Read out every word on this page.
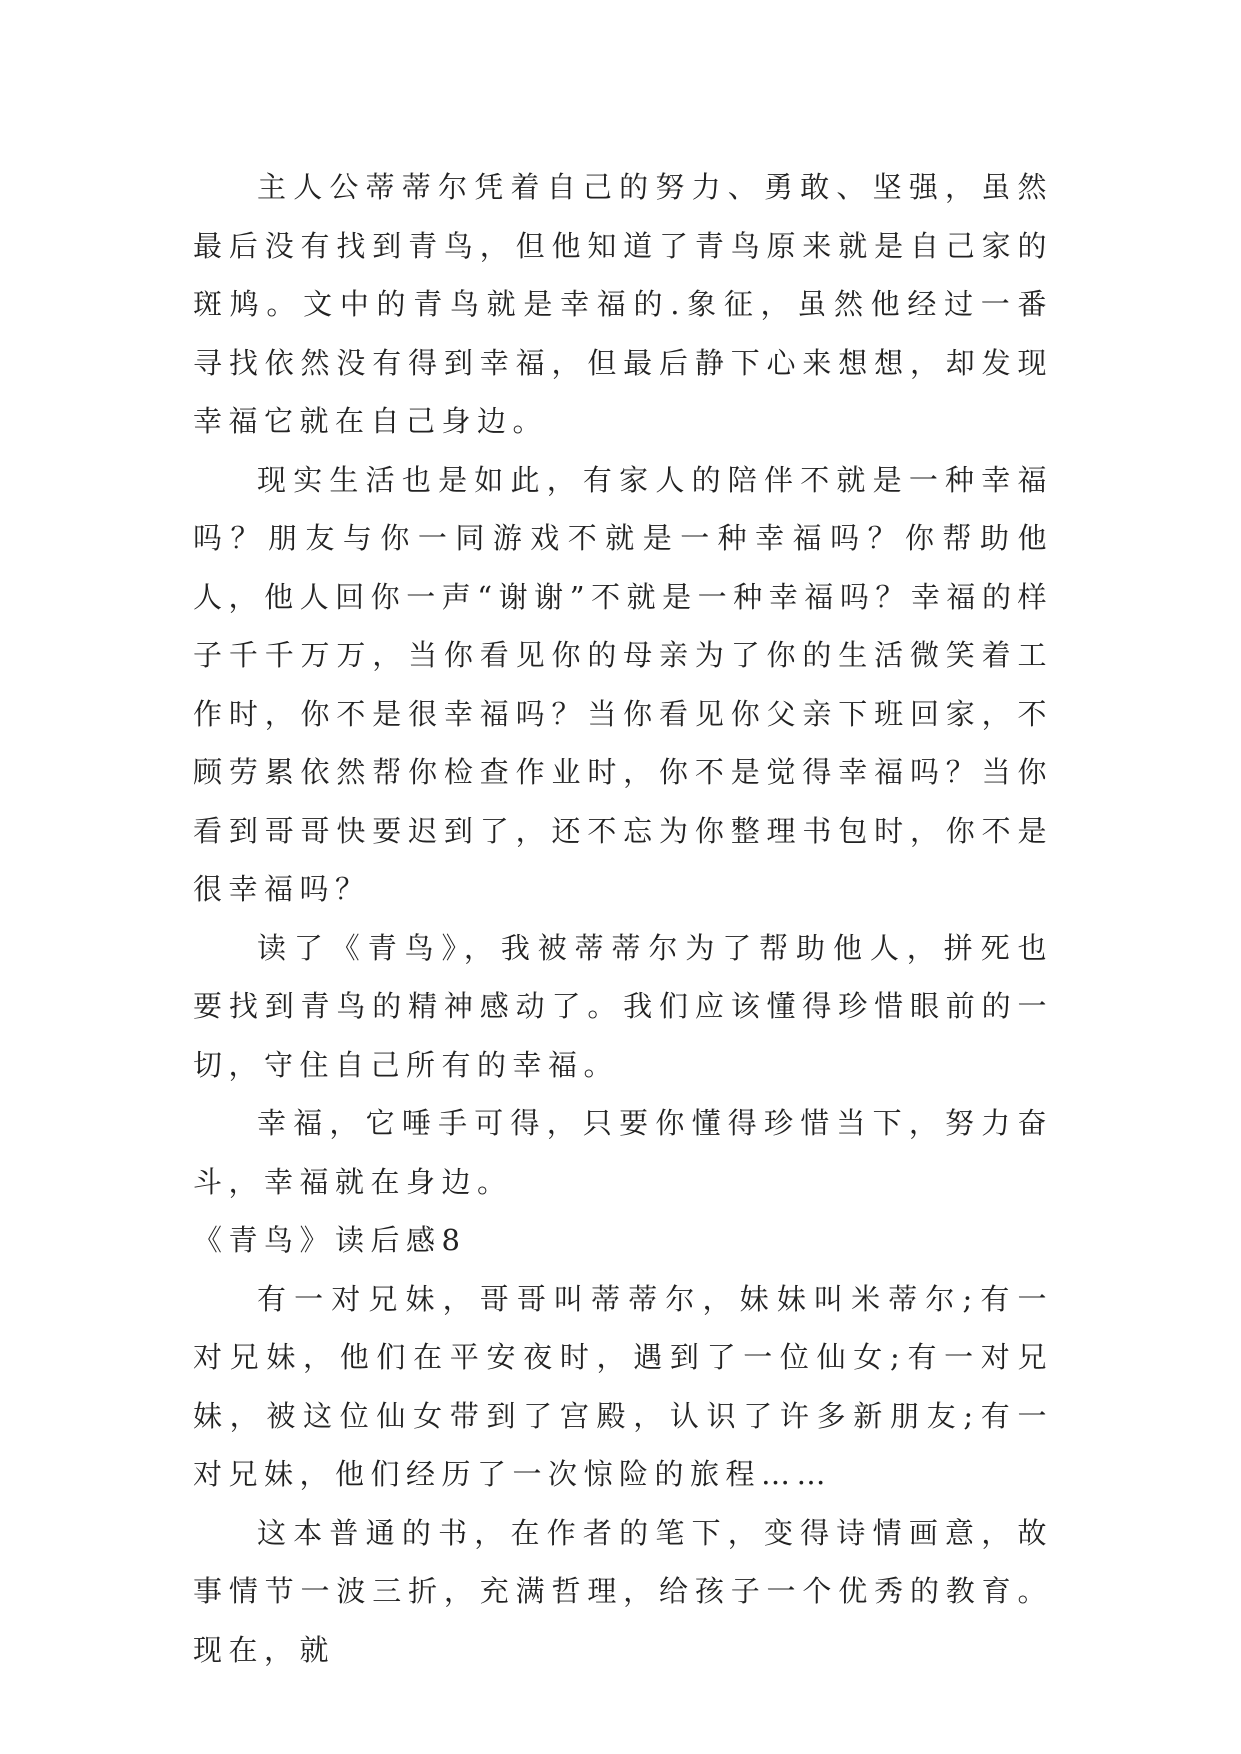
主人公蒂蒂尔凭着自己的努力、勇敢、坚强，虽然最后没有找到青鸟，但他知道了青鸟原来就是自己家的斑鸠。文中的青鸟就是幸福的.象征，虽然他经过一番寻找依然没有得到幸福，但最后静下心来想想，却发现幸福它就在自己身边。

现实生活也是如此，有家人的陪伴不就是一种幸福吗？朋友与你一同游戏不就是一种幸福吗？你帮助他人，他人回你一声“谢谢”不就是一种幸福吗？幸福的样子千千万万，当你看见你的母亲为了你的生活微笑着工作时，你不是很幸福吗？当你看见你父亲下班回家，不顾劳累依然帮你检查作业时，你不是觉得幸福吗？当你看到哥哥快要迟到了，还不忘为你整理书包时，你不是很幸福吗？

读了《青鸟》，我被蒂蒂尔为了帮助他人，拼死也要找到青鸟的精神感动了。我们应该懂得珍惜眼前的一切，守住自己所有的幸福。

幸福，它唾手可得，只要你懂得珍惜当下，努力奋斗，幸福就在身边。

《青鸟》读后感8

有一对兄妹，哥哥叫蒂蒂尔，妹妹叫米蒂尔;有一对兄妹，他们在平安夜时，遇到了一位仙女;有一对兄妹，被这位仙女带到了宫殿，认识了许多新朋友;有一对兄妹，他们经历了一次惊险的旅程……

这本普通的书，在作者的笔下，变得诗情画意，故事情节一波三折，充满哲理，给孩子一个优秀的教育。现在，就
